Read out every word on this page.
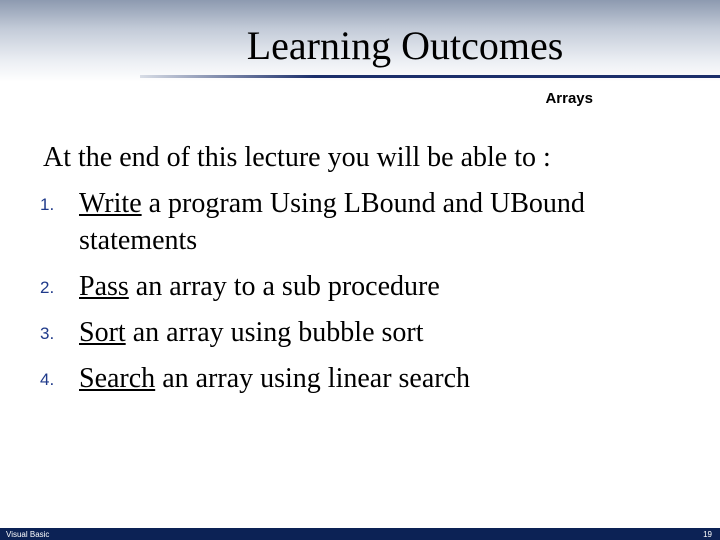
Learning Outcomes
Arrays
At the end of this lecture you will be able to :
1. Write a program Using LBound and UBound statements
2. Pass an array to a sub procedure
3. Sort an array using bubble sort
4. Search an array using linear search
Visual Basic	19
